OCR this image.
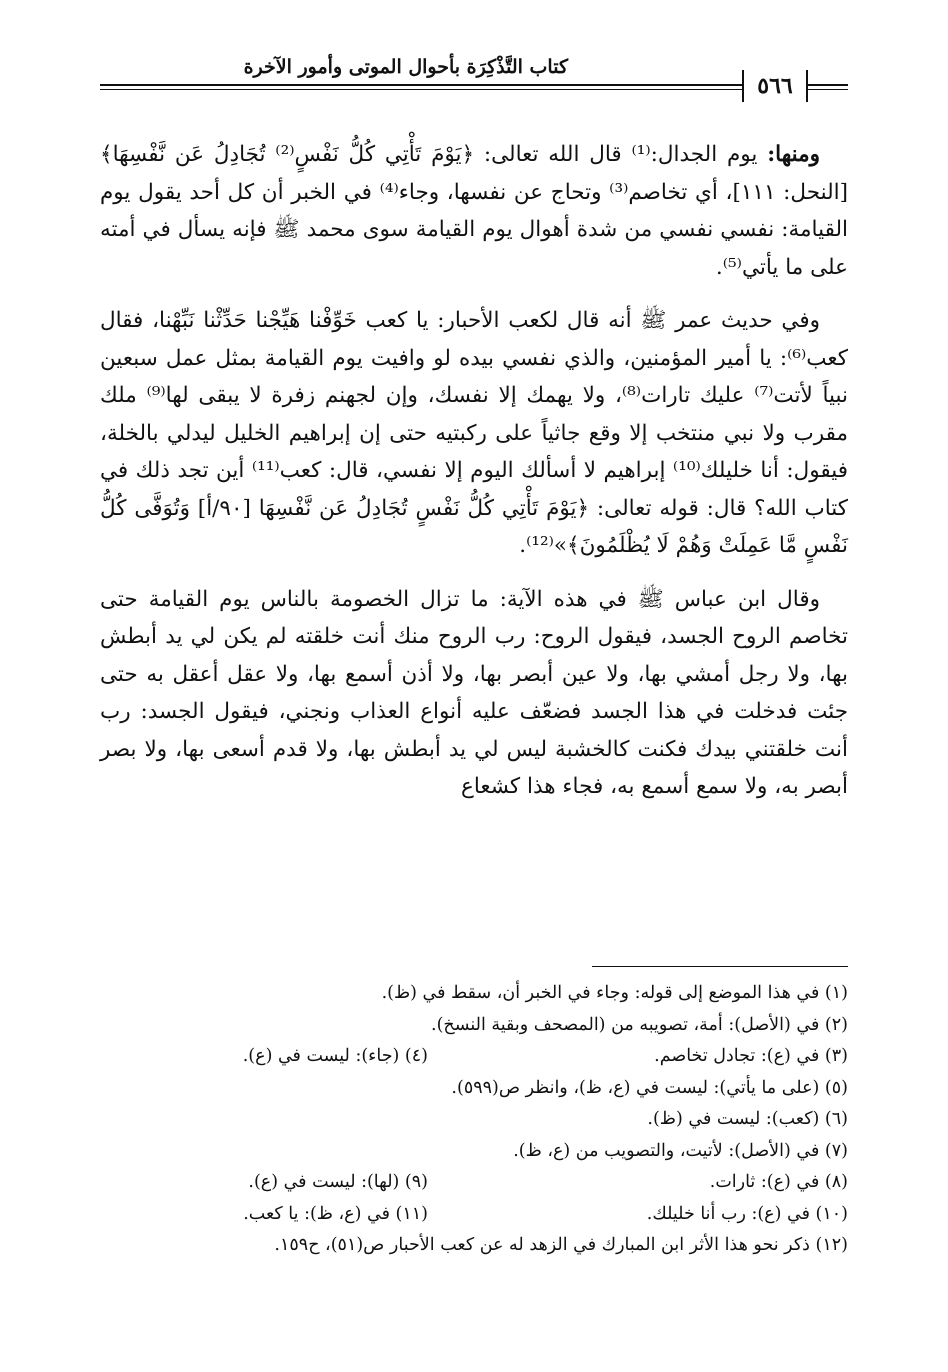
كتاب التَّذْكِرَة بأحوال الموتى وأمور الآخرة
٥٦٦

ومنها: يوم الجدال:⁽¹⁾ قال الله تعالى: ﴿يَوْمَ تَأْتِي كُلُّ نَفْسٍ⁽²⁾ تُجَادِلُ عَن نَّفْسِهَا﴾ [النحل: ١١١]، أي تخاصم⁽³⁾ وتحاج عن نفسها، وجاء⁽⁴⁾ في الخبر أن كل أحد يقول يوم القيامة: نفسي نفسي من شدة أهوال يوم القيامة سوى محمد ﷺ فإنه يسأل في أمته على ما يأتي⁽⁵⁾.

وفي حديث عمر ﷺ أنه قال لكعب الأحبار: يا كعب خَوِّفْنا هَيِّجْنا حَدِّثْنا نَبِّهْنا، فقال كعب⁽⁶⁾: يا أمير المؤمنين، والذي نفسي بيده لو وافيت يوم القيامة بمثل عمل سبعين نبياً لأتت⁽⁷⁾ عليك تارات⁽⁸⁾، ولا يهمك إلا نفسك، وإن لجهنم زفرة لا يبقى لها⁽⁹⁾ ملك مقرب ولا نبي منتخب إلا وقع جاثياً على ركبتيه حتى إن إبراهيم الخليل ليدلي بالخلة، فيقول: أنا خليلك⁽¹⁰⁾ إبراهيم لا أسألك اليوم إلا نفسي، قال: كعب⁽¹¹⁾ أين تجد ذلك في كتاب الله؟ قال: قوله تعالى: ﴿يَوْمَ تَأْتِي كُلُّ نَفْسٍ تُجَادِلُ عَن نَّفْسِهَا [٩٠/أ] وَتُوَفَّى كُلُّ نَفْسٍ مَّا عَمِلَتْ وَهُمْ لَا يُظْلَمُونَ﴾»⁽¹²⁾.

وقال ابن عباس ﷺ في هذه الآية: ما تزال الخصومة بالناس يوم القيامة حتى تخاصم الروح الجسد، فيقول الروح: رب الروح منك أنت خلقته لم يكن لي يد أبطش بها، ولا رجل أمشي بها، ولا عين أبصر بها، ولا أذن أسمع بها، ولا عقل أعقل به حتى جئت فدخلت في هذا الجسد فضعّف عليه أنواع العذاب ونجني، فيقول الجسد: رب أنت خلقتني بيدك فكنت كالخشبة ليس لي يد أبطش بها، ولا قدم أسعى بها، ولا بصر أبصر به، ولا سمع أسمع به، فجاء هذا كشعاع

(١) في هذا الموضع إلى قوله: وجاء في الخبر أن، سقط في (ظ).
(٢) في (الأصل): أمة، تصويبه من (المصحف وبقية النسخ).
(٣) في (ع): تجادل تخاصم.
(٤) (جاء): ليست في (ع).
(٥) (على ما يأتي): ليست في (ع، ظ)، وانظر ص(٥٩٩).
(٦) (كعب): ليست في (ظ).
(٧) في (الأصل): لأتيت، والتصويب من (ع، ظ).
(٨) في (ع): ثارات.
(٩) (لها): ليست في (ع).
(١٠) في (ع): رب أنا خليلك.
(١١) في (ع، ظ): يا كعب.
(١٢) ذكر نحو هذا الأثر ابن المبارك في الزهد له عن كعب الأحبار ص(٥١)، ح١٥٩.
